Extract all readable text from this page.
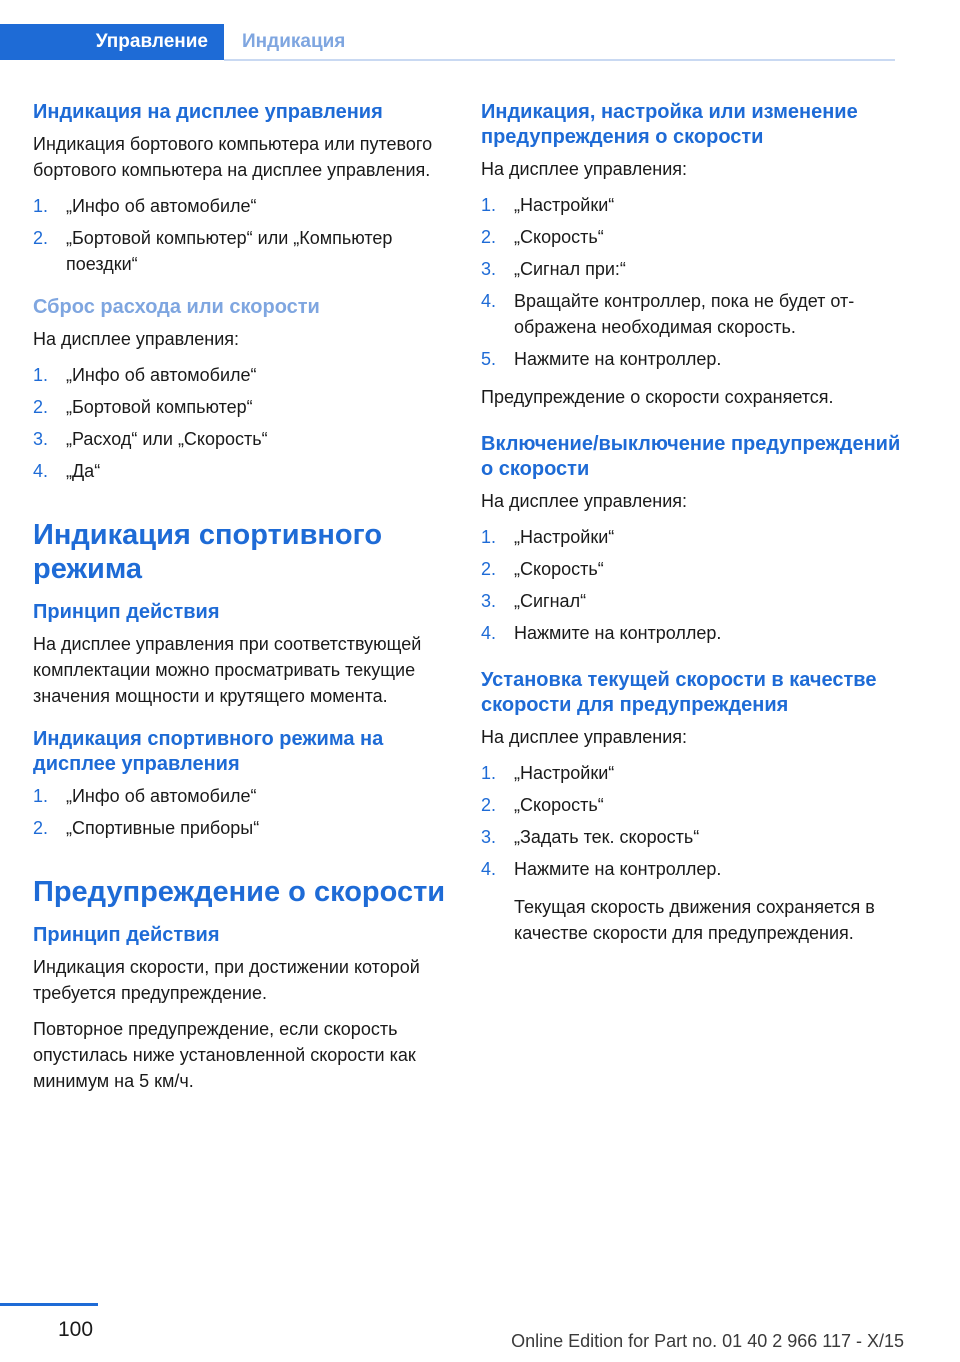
Управление Индикация
Индикация на дисплее управления

Индикация бортового компьютера или путевого бортового компьютера на дисплее управления.

1. „Инфо об автомобиле“
2. „Бортовой компьютер“ или „Компьютер поездки“
Сброс расхода или скорости

На дисплее управления:

1. „Инфо об автомобиле“
2. „Бортовой компьютер“
3. „Расход“ или „Скорость“
4. „Да“
Индикация спортивного режима
Принцип действия

На дисплее управления при соответствующей комплектации можно просматривать текущие значения мощности и крутящего момента.

Индикация спортивного режима на дисплее управления
1. „Инфо об автомобиле“
2. „Спортивные приборы“
Предупреждение о скорости
Принцип действия

Индикация скорости, при достижении которой требуется предупреждение.

Повторное предупреждение, если скорость опустилась ниже установленной скорости как минимум на 5 км/ч.

Индикация, настройка или изменение предупреждения о скорости

На дисплее управления:

1. „Настройки“
2. „Скорость“
3. „Сигнал при:“
4. Вращайте контроллер, пока не будет отображена необходимая скорость.
5. Нажмите на контроллер.

Предупреждение о скорости сохраняется.

Включение/выключение предупреждений о скорости

На дисплее управления:

1. „Настройки“
2. „Скорость“
3. „Сигнал“
4. Нажмите на контроллер.
Установка текущей скорости в качестве скорости для предупреждения

На дисплее управления:

1. „Настройки“
2. „Скорость“
3. „Задать тек. скорость“
4. Нажмите на контроллер.

Текущая скорость движения сохраняется в качестве скорости для предупреждения.

100	Online Edition for Part no. 01 40 2 966 117 - X/15
